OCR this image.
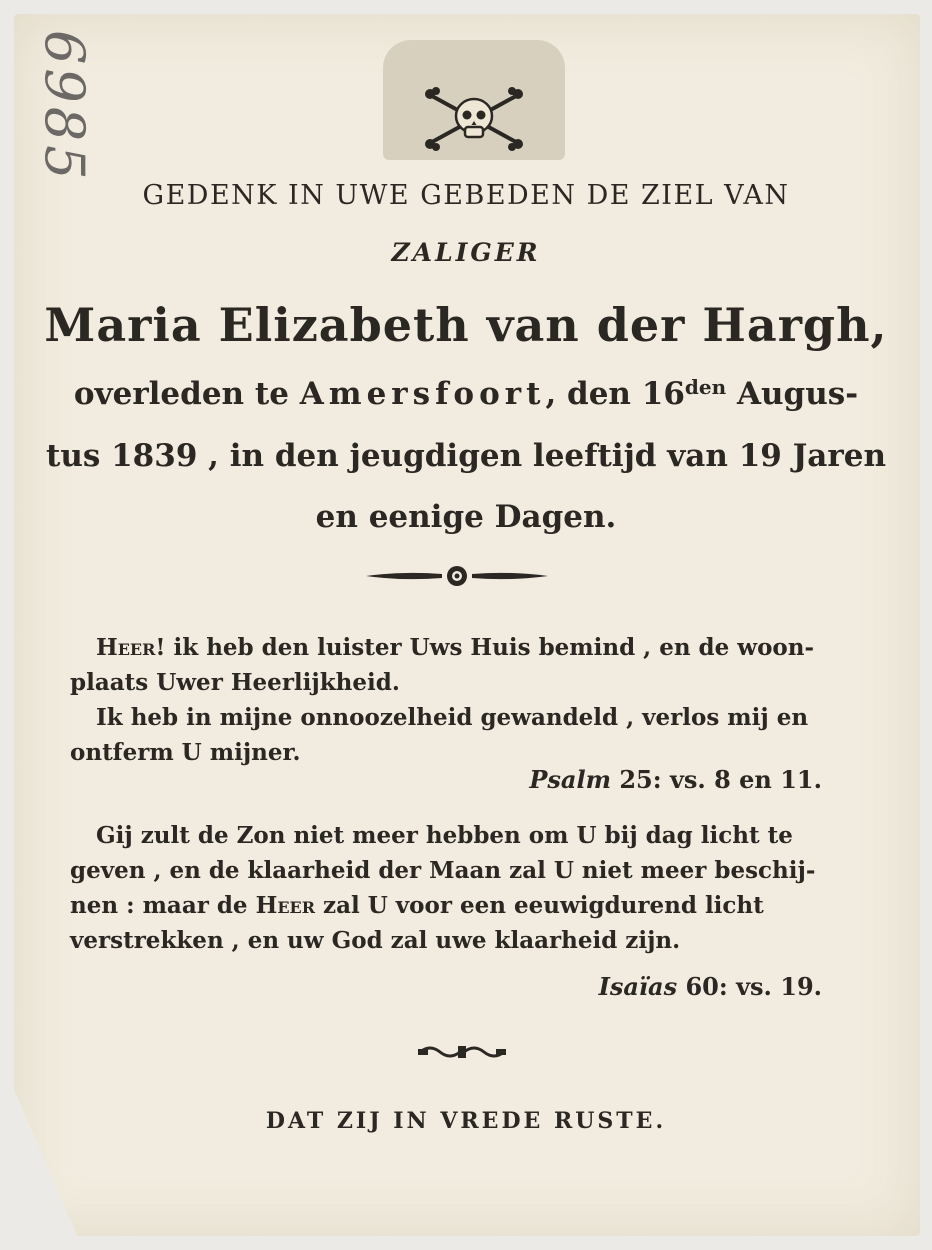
6985
GEDENK IN UWE GEBEDEN DE ZIEL VAN
ZALIGER
Maria Elizabeth van der Hargh,
overleden te Amersfoort, den $16^{den}$ Augus-
tus 1839 , in den jeugdigen leeftijd van 19 Jaren
en eenige Dagen.
Heer! ik heb den luister Uws Huis bemind , en de woon-
plaats Uwer Heerlijkheid.
Ik heb in mijne onnoozelheid gewandeld , verlos mij en
ontferm U mijner.
Psalm 25: vs. 8 en 11.
Gij zult de Zon niet meer hebben om U bij dag licht te
geven , en de klaarheid der Maan zal U niet meer beschij-
nen : maar de Heer zal U voor een eeuwigdurend licht
verstrekken , en uw God zal uwe klaarheid zijn.
Isaïas 60: vs. 19.
DAT ZIJ IN VREDE RUSTE.
